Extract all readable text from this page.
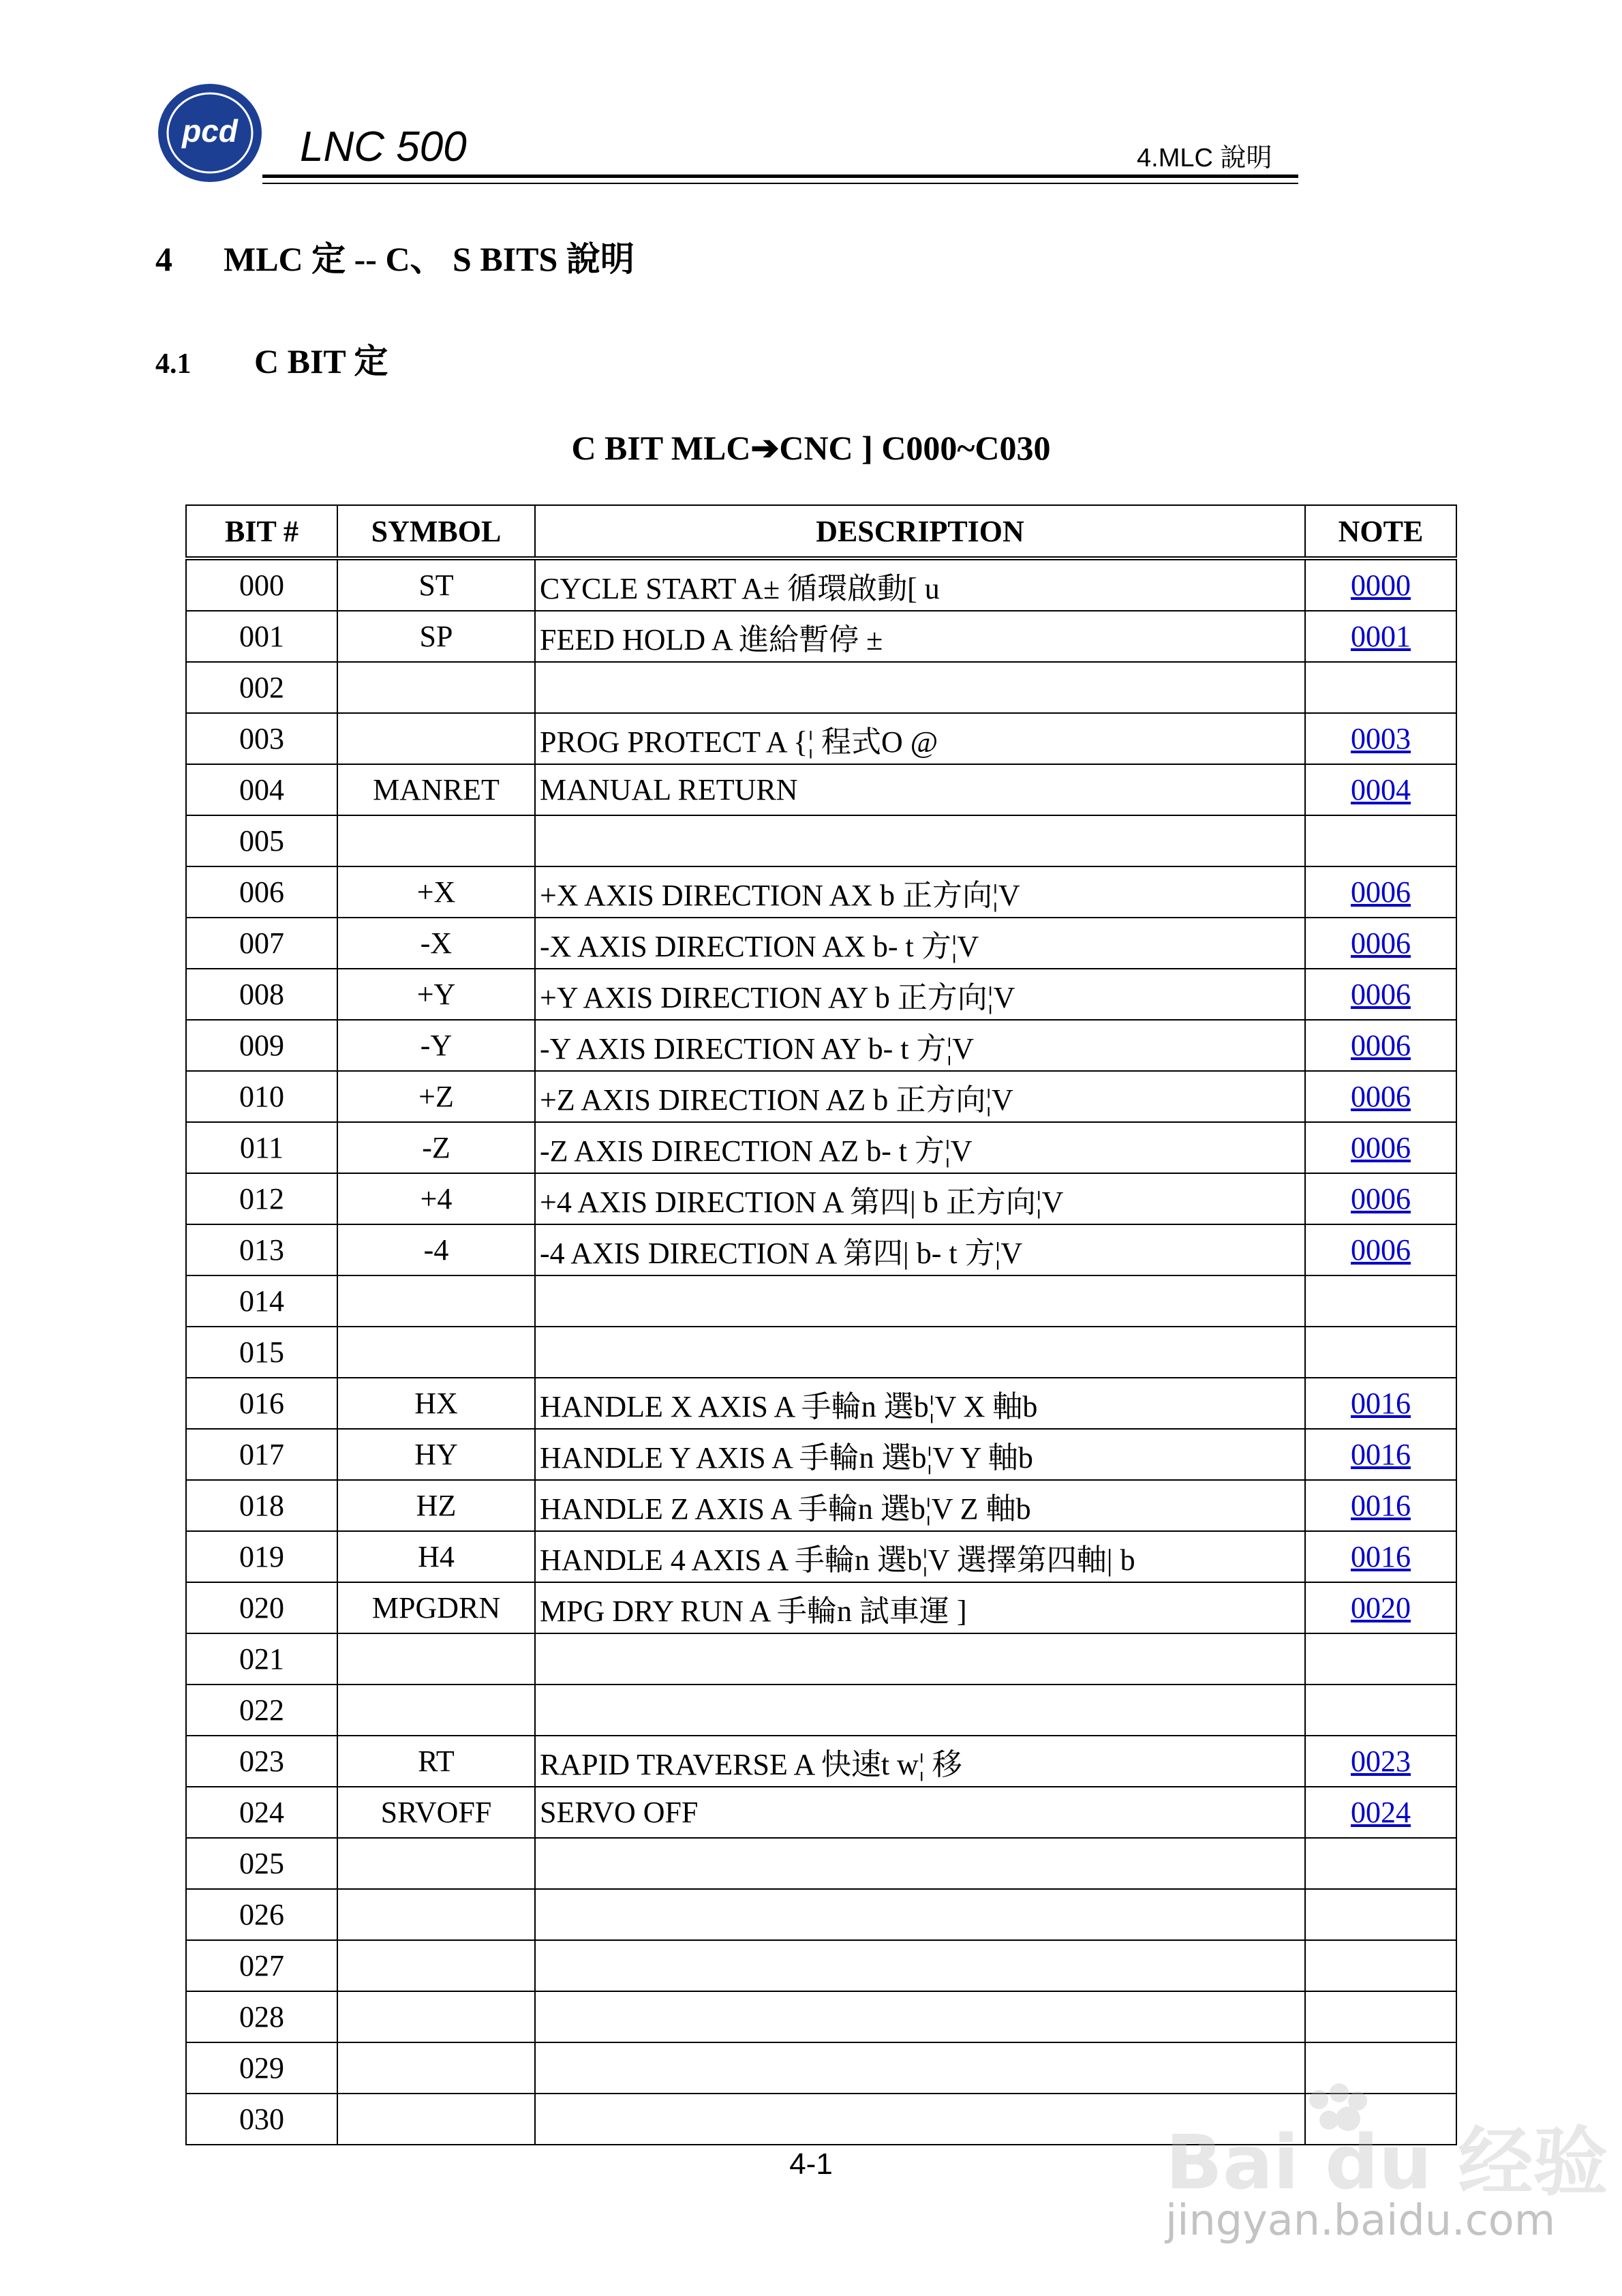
pcd LNC 500	4.MLC 說明
4 MLC 定 -- C、 S BITS 說明
4.1 C BIT 定
C BIT MLC➔CNC ] C000~C030
BIT #	SYMBOL	DESCRIPTION	NOTE
000	ST	CYCLE START A± 循環啟動[ u	0000
001	SP	FEED HOLD A 進給暫停 ±	0001
002			
003		PROG PROTECT A {¦ 程式O @	0003
004	MANRET	MANUAL RETURN	0004
005			
006	+X	+X AXIS DIRECTION AX b 正方向¦V	0006
007	-X	-X AXIS DIRECTION AX b- t 方¦V	0006
008	+Y	+Y AXIS DIRECTION AY b 正方向¦V	0006
009	-Y	-Y AXIS DIRECTION AY b- t 方¦V	0006
010	+Z	+Z AXIS DIRECTION AZ b 正方向¦V	0006
011	-Z	-Z AXIS DIRECTION AZ b- t 方¦V	0006
012	+4	+4 AXIS DIRECTION A 第四| b 正方向¦V	0006
013	-4	-4 AXIS DIRECTION A 第四| b- t 方¦V	0006
014			
015			
016	HX	HANDLE X AXIS A 手輪n 選b¦V X 軸b	0016
017	HY	HANDLE Y AXIS A 手輪n 選b¦V Y 軸b	0016
018	HZ	HANDLE Z AXIS A 手輪n 選b¦V Z 軸b	0016
019	H4	HANDLE 4 AXIS A 手輪n 選b¦V 選擇第四軸| b	0016
020	MPGDRN	MPG DRY RUN A 手輪n 試車運 ]	0020
021			
022			
023	RT	RAPID TRAVERSE A 快速t w¦ 移	0023
024	SRVOFF	SERVO OFF	0024
025			
026			
027			
028			
029			
030			
4-1	Bai du 经验
jingyan.baidu.com
